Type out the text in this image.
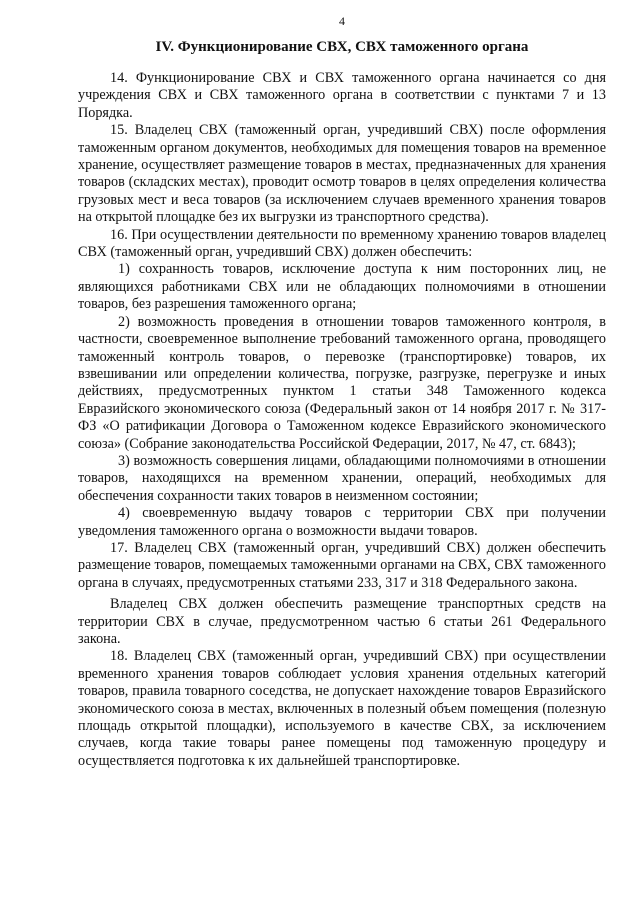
4
IV. Функционирование СВХ, СВХ таможенного органа

14. Функционирование СВХ и СВХ таможенного органа начинается со дня учреждения СВХ и СВХ таможенного органа в соответствии с пунктами 7 и 13 Порядка.

15. Владелец СВХ (таможенный орган, учредивший СВХ) после оформления таможенным органом документов, необходимых для помещения товаров на временное хранение, осуществляет размещение товаров в местах, предназначенных для хранения товаров (складских местах), проводит осмотр товаров в целях определения количества грузовых мест и веса товаров (за исключением случаев временного хранения товаров на открытой площадке без их выгрузки из транспортного средства).

16. При осуществлении деятельности по временному хранению товаров владелец СВХ (таможенный орган, учредивший СВХ) должен обеспечить:

1) сохранность товаров, исключение доступа к ним посторонних лиц, не являющихся работниками СВХ или не обладающих полномочиями в отношении товаров, без разрешения таможенного органа;

2) возможность проведения в отношении товаров таможенного контроля, в частности, своевременное выполнение требований таможенного органа, проводящего таможенный контроль товаров, о перевозке (транспортировке) товаров, их взвешивании или определении количества, погрузке, разгрузке, перегрузке и иных действиях, предусмотренных пунктом 1 статьи 348 Таможенного кодекса Евразийского экономического союза (Федеральный закон от 14 ноября 2017 г. № 317-ФЗ «О ратификации Договора о Таможенном кодексе Евразийского экономического союза» (Собрание законодательства Российской Федерации, 2017, № 47, ст. 6843);

3) возможность совершения лицами, обладающими полномочиями в отношении товаров, находящихся на временном хранении, операций, необходимых для обеспечения сохранности таких товаров в неизменном состоянии;

4) своевременную выдачу товаров с территории СВХ при получении уведомления таможенного органа о возможности выдачи товаров.

17. Владелец СВХ (таможенный орган, учредивший СВХ) должен обеспечить размещение товаров, помещаемых таможенными органами на СВХ, СВХ таможенного органа в случаях, предусмотренных статьями 233, 317 и 318 Федерального закона.

Владелец СВХ должен обеспечить размещение транспортных средств на территории СВХ в случае, предусмотренном частью 6 статьи 261 Федерального закона.

18. Владелец СВХ (таможенный орган, учредивший СВХ) при осуществлении временного хранения товаров соблюдает условия хранения отдельных категорий товаров, правила товарного соседства, не допускает нахождение товаров Евразийского экономического союза в местах, включенных в полезный объем помещения (полезную площадь открытой площадки), используемого в качестве СВХ, за исключением случаев, когда такие товары ранее помещены под таможенную процедуру и осуществляется подготовка к их дальнейшей транспортировке.
